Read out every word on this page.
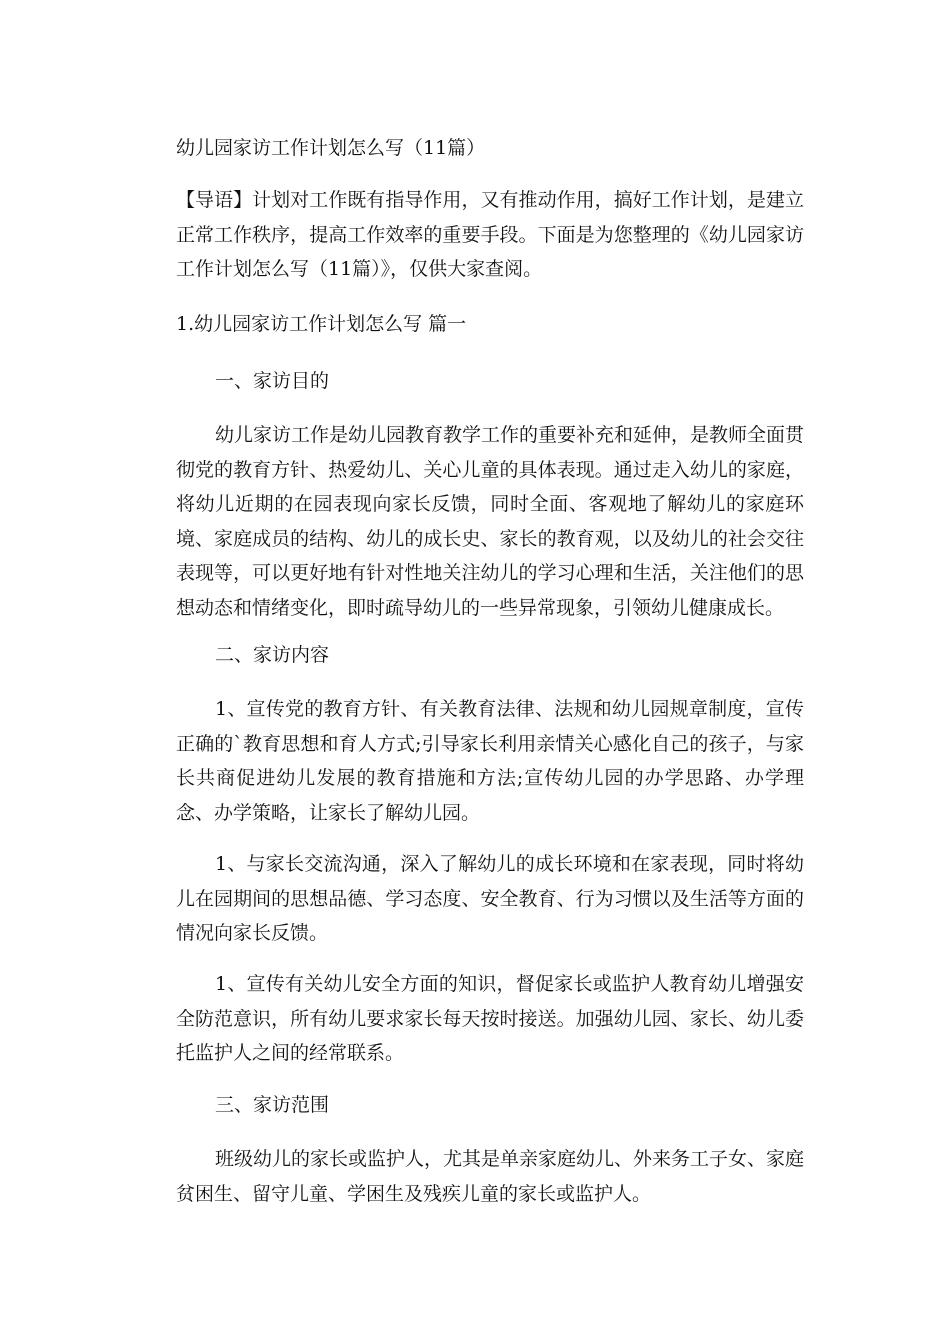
幼儿园家访工作计划怎么写（11篇）

【导语】计划对工作既有指导作用，又有推动作用，搞好工作计划，是建立正常工作秩序，提高工作效率的重要手段。下面是为您整理的《幼儿园家访工作计划怎么写（11篇）》，仅供大家查阅。

1.幼儿园家访工作计划怎么写 篇一

一、家访目的

幼儿家访工作是幼儿园教育教学工作的重要补充和延伸，是教师全面贯彻党的教育方针、热爱幼儿、关心儿童的具体表现。通过走入幼儿的家庭，将幼儿近期的在园表现向家长反馈，同时全面、客观地了解幼儿的家庭环境、家庭成员的结构、幼儿的成长史、家长的教育观，以及幼儿的社会交往表现等，可以更好地有针对性地关注幼儿的学习心理和生活，关注他们的思想动态和情绪变化，即时疏导幼儿的一些异常现象，引领幼儿健康成长。

二、家访内容

1、宣传党的教育方针、有关教育法律、法规和幼儿园规章制度，宣传正确的`教育思想和育人方式;引导家长利用亲情关心感化自己的孩子，与家长共商促进幼儿发展的教育措施和方法;宣传幼儿园的办学思路、办学理念、办学策略，让家长了解幼儿园。

1、与家长交流沟通，深入了解幼儿的成长环境和在家表现，同时将幼儿在园期间的思想品德、学习态度、安全教育、行为习惯以及生活等方面的情况向家长反馈。

1、宣传有关幼儿安全方面的知识，督促家长或监护人教育幼儿增强安全防范意识，所有幼儿要求家长每天按时接送。加强幼儿园、家长、幼儿委托监护人之间的经常联系。

三、家访范围

班级幼儿的家长或监护人，尤其是单亲家庭幼儿、外来务工子女、家庭贫困生、留守儿童、学困生及残疾儿童的家长或监护人。
